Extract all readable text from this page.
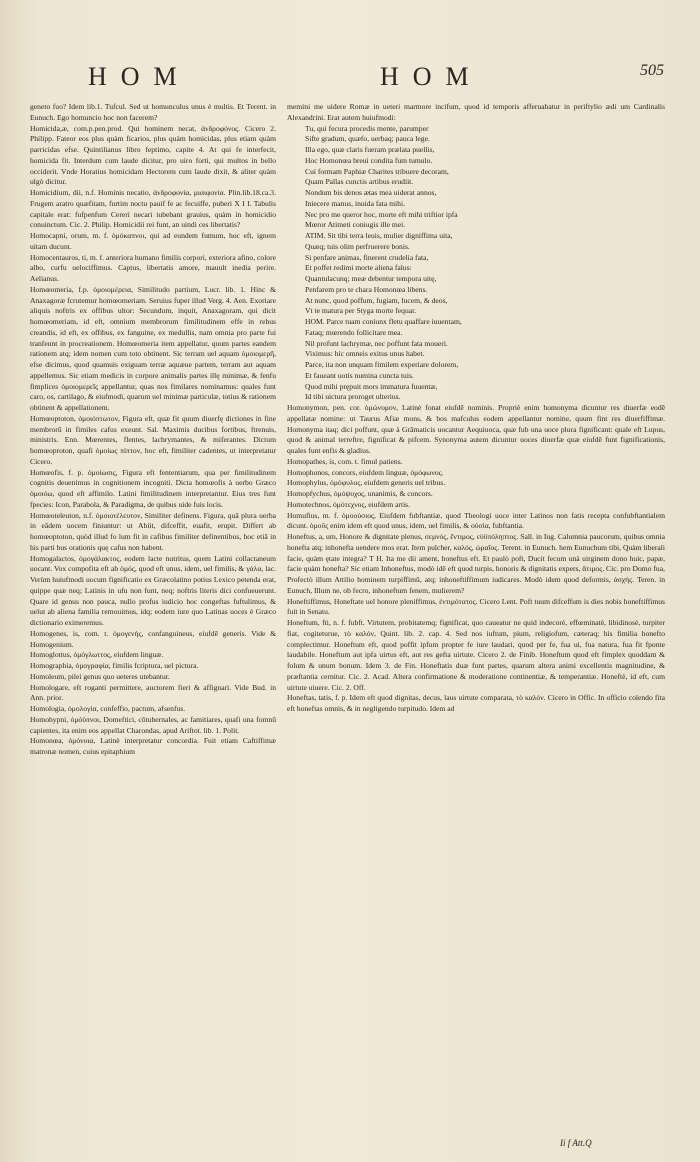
HOM	HOM	505

geneto fuo? Idem lib.1. Tufcul. Sed ut homunculus unus è multis. Et Terent. in Eunuch. Ego homuncio hoc non facerem?

Homicida,æ, com.p.pen.prod. Qui hominem necat, ἀνδροφόνος. Cicero 2. Philipp. Fateor eos plus quàm ficarios, plus quàm homicidas, plus etiam quàm parricidas efse. Quintilianus libro feptimo, capite 4. At qui fe interfecit, homicida fit. Interdum cum laude dicitur, pro uiro forti, qui multos in bello occiderit. Vnde Horatius homicidam Hectorem cum laude dixit, & aliter quàm ulgò dicitur.

Homicidium, dii, n.f. Hominis necatio, ἀνδροφονία, μιαιφονία. Plin.lib.18.ca.3. Frugem aratro quæfitam, furtim noctu pauif fe ac fecuiffe, puberi X I I. Tabulis capitale erat: fufpenfum Cereri necari iubebant grauius, quàm in homicidio conuinctum. Cic. 2. Philip. Homicidii rei funt, an uindi ces libertatis?

Homocapni, orum, m. f. ὁμόκαπνοι, qui ad eundem fumum, hoc eft, ignem uitam ducunt.

Homocentauros, ti, m. f. anteriora humano fimilis corpori, exteriora afino, colore albo, curfu uelociffimus. Captus, libertatis amore, mauult inedia perire. Aelianus.

Homœomeria, f.p. ὁμοιομέρεια, Similitudo partium, Lucr. lib. 1. Hinc & Anaxagoræ fcrutemur homœomeriam. Seruius fuper illud Verg. 4. Aen. Exoriare aliquis noftris ex offibus ultor: Secundum, inquit, Anaxagoram, qui dicit homœomeriam, id eft, omnium membrorum fimilitudinem effe in rebus creandis, id eft, ex offibus, ex fanguine, ex medullis, nam omnia pro parte fui tranfeunt in procreationem. Homœomeria item appellatur, quum partes eandem rationem atq; idem nomen cum toto obtinent. Sic terram uel aquam ὁμοιομερῆ, efse dicimus, quod quamuis exiguam terræ aquæue partem, terram aut aquam appellemus. Sic etiam medicis in corpore animalis partes illę minimæ, & fenfu fimplices ὁμοιομερεῖς appellantur, quas nos fimilares nominamus: quales funt caro, os, cartilago, & eiufmodi, quarum uel minimæ particulæ, totius & rationem obtinent & appellationem.

Homœoptoton, ὁμοιόπτωτον, Figura eft, quæ fit quum diuerfę dictiones in fine membrorū in fimiles cafus exeunt. Sal. Maximis ducibus fortibus, ftrenuis, ministris. Enn. Mœrentes, flentes, lachrymantes, & miferantes. Dictum homœoproton, quafi ὁμοίως πίπτον, hoc eft, fimiliter cadentes, ut interpretatur Cicero.

Homœofis, f. p. ὁμοίωσις, Figura eft fententiarum, qua per fimilitudinem cognitis deuenimus in cognitionem incogniti. Dicta homœofis à uerbo Græco ὁμοιόω, quod eft affimilo. Latini fimilitudinem interpretantur. Eius tres funt fpecies: Icon, Parabola, & Paradigma, de quibus uide fuis locis.

Homœoteleuton, n.f. ὁμοιοτέλευτον, Similiter definens. Figura, quā plura uerba in eādem uocem finiuntur: ut Abiit, difceffit, euafit, erupit. Differt ab homœoptoton, quòd illud fo lum fit in cafibus fimiliter definentibus, hoc etiā in his parti bus orationis quę cafus non habent.

Homogalactos, ὁμογάλακτος, eodem lacte nutritus, quem Latini collactaneum uocant. Vox compofita eft ab ὁμός, quod eft unus, idem, uel fimilis, & γάλα, lac. Verùm huiufmodi uocum fignificatio ex Græcolatino potius Lexico petenda erat, quippe quæ neq; Latinis in ufu non funt, neq; noftris literis dici confueuerunt. Quare id genus non pauca, nullo profus iudicio hoc congeftas fuftulimus, & uelut ab aliena familia remouimus, idq; eodem iure quo Latinas uoces è Græco dictionario eximeremus.

Homogenes, is, com. t. ὁμογενής, confanguineus, eiufdē generis. Vide & Homogenium.

Homoglottus, ὁμόγλωττος, eiufdem linguæ.

Homographia, ὁμογραφία, fimilis fcriptura, uel pictura.

Homoleum, pilei genus quo ueteres utebantur.

Homologare, eft roganti permittere, auctorem fieri & affignari. Vide Bud. in Ann. prior.

Homologia, ὁμολογία, confeffio, pactum, afsenfus.

Homohypni, ὁμόϋπνοι, Domeftici, cōtubernales, ac famitiares, quafi una fomnū capientes, ita enim eos appellat Charondas, apud Ariftot. lib. 1. Polit.

Homonœa, ὁμόνοια, Latinè interpretatur concordia. Fuit etiam Caftiffimæ matronæ nomen, cuius epitaphium

memini me uidere Romæ in ueteri marmore incifum, quod id temporis afferuabatur in periftylio ædi um Cardinalis Alexandrini. Erat autem huiufmodi:

Tu, qui fecura procedis mente, parumper

Sifte gradum, quæfo, uerbaq; pauca lege.

Illa ego, quæ claris fueram prælata puellis,

Hoc Homonœa breui condita fum tumulo.

Cui formam Paphiæ Charites tribuere decoram,

Quam Pallas cunctis artibus erudiit.

Nondum bis denos ætas mea uiderat annos,

Iniecere manus, inuida fata mihi.

Nec pro me queror hoc, morte eft mihi triftior ipfa

Mœror Atimeti coniugis ille mei.

ATIM. Sit tibi terra leuis, mulier digniffima uita,

Quæq; tuis olim perfruerere bonis.

Si penfare animas, finerent crudelia fata,

Et poffet redimi morte aliena falus:

Quantulacunq; meæ debentur tempora uitę,

Penfarem pro te chara Homonœa libens.

At nunc, quod poffum, fugiam, lucem, & deos,

Vt te matura per Styga morte fequar.

HOM. Parce tuam coniunx fletu quaffare iuuentam,

Fataq; mœrendo follicitare mea.

Nil profunt lachrymæ, nec poffunt fata moueri.

Viximus: hic omneis exitus unus habet.

Parce, ita non unquam fimilem experiare dolorem,

Et faueant uotis numina cuncta tuis.

Quod mihi prępuit mors immatura fuuentæ,

Id tibi uictura proroget ulterius.

Homonymon, pen. cor. ὁμώνυμον, Latinè fonat eiufdē nominis. Propriè enim homonyma dicuntur res diuerfæ eodē appellatæ nomine: ut Taurus Afiæ mons, & bos mafculus eodem appellantur nomine, quum fint res diuerfiffimæ. Homonyma itaq; dici poffunt, quæ à Grāmaticis uocantur Aequiuoca, quæ fub una uoce plura fignificant: quale eft Lupus, quod & animal terreftre, fignificat & pifcem. Synonyma autem dicuntur uoces diuerfæ quæ eiufdē funt fignificationis, quales funt enfis & gladius.

Homopathes, is, com. t. fimul patiens.

Homophonos, concors, eiufdem linguæ, ὁμόφωνος.

Homophylus, ὁμόφυλος, eiufdem generis uel tribus.

Homopfychus, ὁμόψυχος, unanimis, & concors.

Homotechnos, ὁμότεχνος, eiufdem artis.

Homufius, m. f. ὁμοούσιος, Eiufdem fubftantiæ, quod Theologi uoce inter Latinos non fatis recepta confubftantialem dicunt. ὁμοῦς enim idem eft quod unus, idem, uel fimilis, & οὐσία, fubftantia.

Honeftus, a, um, Honore & dignitate plenus, σεμνός, ἔντιμος, εὐϋπόληπτος. Sall. in Iug. Calumnia paucorum, quibus omnia honefta atq; inhonefta uendere mos erat. Item pulcher, καλός, ὡραῖος. Terent. in Eunuch. hem Eunuchum tibi, Quàm liberali facie, quàm ętate integra? T H. Ita me dii ament, honeftus eft. Et paulò poft, Ducit fecum unà uirginem dono huic, papæ, facie quàm honefta? Sic etiam Inhoneftus, modò idē eft quod turpis, honoris & dignitatis expers, ἄτιμος. Cic. pro Domo fua, Profectò illum Attilio hominem turpiffimū, atq; inhoneftiffimum iudicares. Modò idem quod deformis, ἀσχής. Teren. in Eunuch, Illum ne, ob fecro, inhoneftum fenem, mulierem?

Honeftiffimus, Honeftate uel honore pleniffimus, ἐντιμότατος. Cicero Lent. Poft tuum difceffum is dies nobis honeftiffimus fuit in Senatu.

Honeftum, fti, n. f. fubft. Virtutem, probitatemq; fignificat, quo caueatur ne quid indecorè, effœminatè, libidinosè, turpiter fiat, cogiteturue, τὸ καλόν, Quint. lib. 2. cap. 4. Sed nos iuftum, pium, religiofum, cæteraq; his fimilia honefto complectimur. Honeftum eft, quod poffit ipfum propter fe iure laudari, quod per fe, fua ui, fua natura, fua fit fponte laudabile. Honeftum aut ipfa uirtus eft, aut res gefta uirtute. Cicero 2. de Finib. Honeftum quod eft fimplex quoddam & folum & unum bonum. Idem 3. de Fin. Honeftatis duæ funt partes, quarum altera animi excellentis magnitudine, & præftantia cernitur. Cic. 2. Acad. Altera confirmatione & moderatione continentiæ, & temperantiæ. Honeftè, id eft, cum uirtute uiuere. Cic. 2. Off.

Honeftas, tatis, f. p. Idem eft quod dignitas, decus, laus uirtute comparata, τὸ καλόν. Cicero in Offic. In officio colendo fita eft honeftas omnis, & in negligendo turpitudo. Idem ad

Ii f Att.Q
